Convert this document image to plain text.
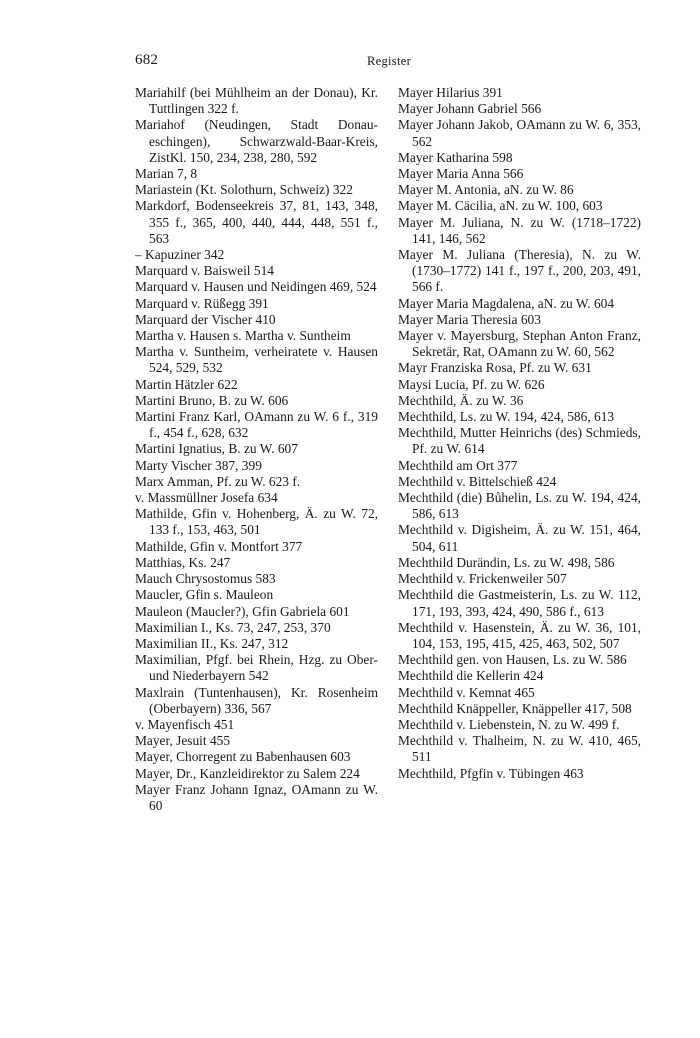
682	Register

Mariahilf (bei Mühlheim an der Donau), Kr. Tuttlingen 322 f.

Mariahof (Neudingen, Stadt Donaueschingen), Schwarzwald-Baar-Kreis, ZistKl. 150, 234, 238, 280, 592

Marian 7, 8

Mariastein (Kt. Solothurn, Schweiz) 322

Markdorf, Bodenseekreis 37, 81, 143, 348, 355 f., 365, 400, 440, 444, 448, 551 f., 563

– Kapuziner 342

Marquard v. Baisweil 514

Marquard v. Hausen und Neidingen 469, 524

Marquard v. Rüßegg 391

Marquard der Vischer 410

Martha v. Hausen s. Martha v. Suntheim

Martha v. Suntheim, verheiratete v. Hausen 524, 529, 532

Martin Hätzler 622

Martini Bruno, B. zu W. 606

Martini Franz Karl, OAmann zu W. 6 f., 319 f., 454 f., 628, 632

Martini Ignatius, B. zu W. 607

Marty Vischer 387, 399

Marx Amman, Pf. zu W. 623 f.

v. Massmüllner Josefa 634

Mathilde, Gfin v. Hohenberg, Ä. zu W. 72, 133 f., 153, 463, 501

Mathilde, Gfin v. Montfort 377

Matthias, Ks. 247

Mauch Chrysostomus 583

Maucler, Gfin s. Mauleon

Mauleon (Maucler?), Gfin Gabriela 601

Maximilian I., Ks. 73, 247, 253, 370

Maximilian II., Ks. 247, 312

Maximilian, Pfgf. bei Rhein, Hzg. zu Ober- und Niederbayern 542

Maxlrain (Tuntenhausen), Kr. Rosenheim (Oberbayern) 336, 567

v. Mayenfisch 451

Mayer, Jesuit 455

Mayer, Chorregent zu Babenhausen 603

Mayer, Dr., Kanzleidirektor zu Salem 224

Mayer Franz Johann Ignaz, OAmann zu W. 60

Mayer Hilarius 391

Mayer Johann Gabriel 566

Mayer Johann Jakob, OAmann zu W. 6, 353, 562

Mayer Katharina 598

Mayer Maria Anna 566

Mayer M. Antonia, aN. zu W. 86

Mayer M. Cäcilia, aN. zu W. 100, 603

Mayer M. Juliana, N. zu W. (1718–1722) 141, 146, 562

Mayer M. Juliana (Theresia), N. zu W. (1730–1772) 141 f., 197 f., 200, 203, 491, 566 f.

Mayer Maria Magdalena, aN. zu W. 604

Mayer Maria Theresia 603

Mayer v. Mayersburg, Stephan Anton Franz, Sekretär, Rat, OAmann zu W. 60, 562

Mayr Franziska Rosa, Pf. zu W. 631

Maysi Lucia, Pf. zu W. 626

Mechthild, Ä. zu W. 36

Mechthild, Ls. zu W. 194, 424, 586, 613

Mechthild, Mutter Heinrichs (des) Schmieds, Pf. zu W. 614

Mechthild am Ort 377

Mechthild v. Bittelschieß 424

Mechthild (die) Bůhelin, Ls. zu W. 194, 424, 586, 613

Mechthild v. Digisheim, Ä. zu W. 151, 464, 504, 611

Mechthild Durändin, Ls. zu W. 498, 586

Mechthild v. Frickenweiler 507

Mechthild die Gastmeisterin, Ls. zu W. 112, 171, 193, 393, 424, 490, 586 f., 613

Mechthild v. Hasenstein, Ä. zu W. 36, 101, 104, 153, 195, 415, 425, 463, 502, 507

Mechthild gen. von Hausen, Ls. zu W. 586

Mechthild die Kellerin 424

Mechthild v. Kemnat 465

Mechthild Knäppeller, Knäppeller 417, 508

Mechthild v. Liebenstein, N. zu W. 499 f.

Mechthild v. Thalheim, N. zu W. 410, 465, 511

Mechthild, Pfgfin v. Tübingen 463
